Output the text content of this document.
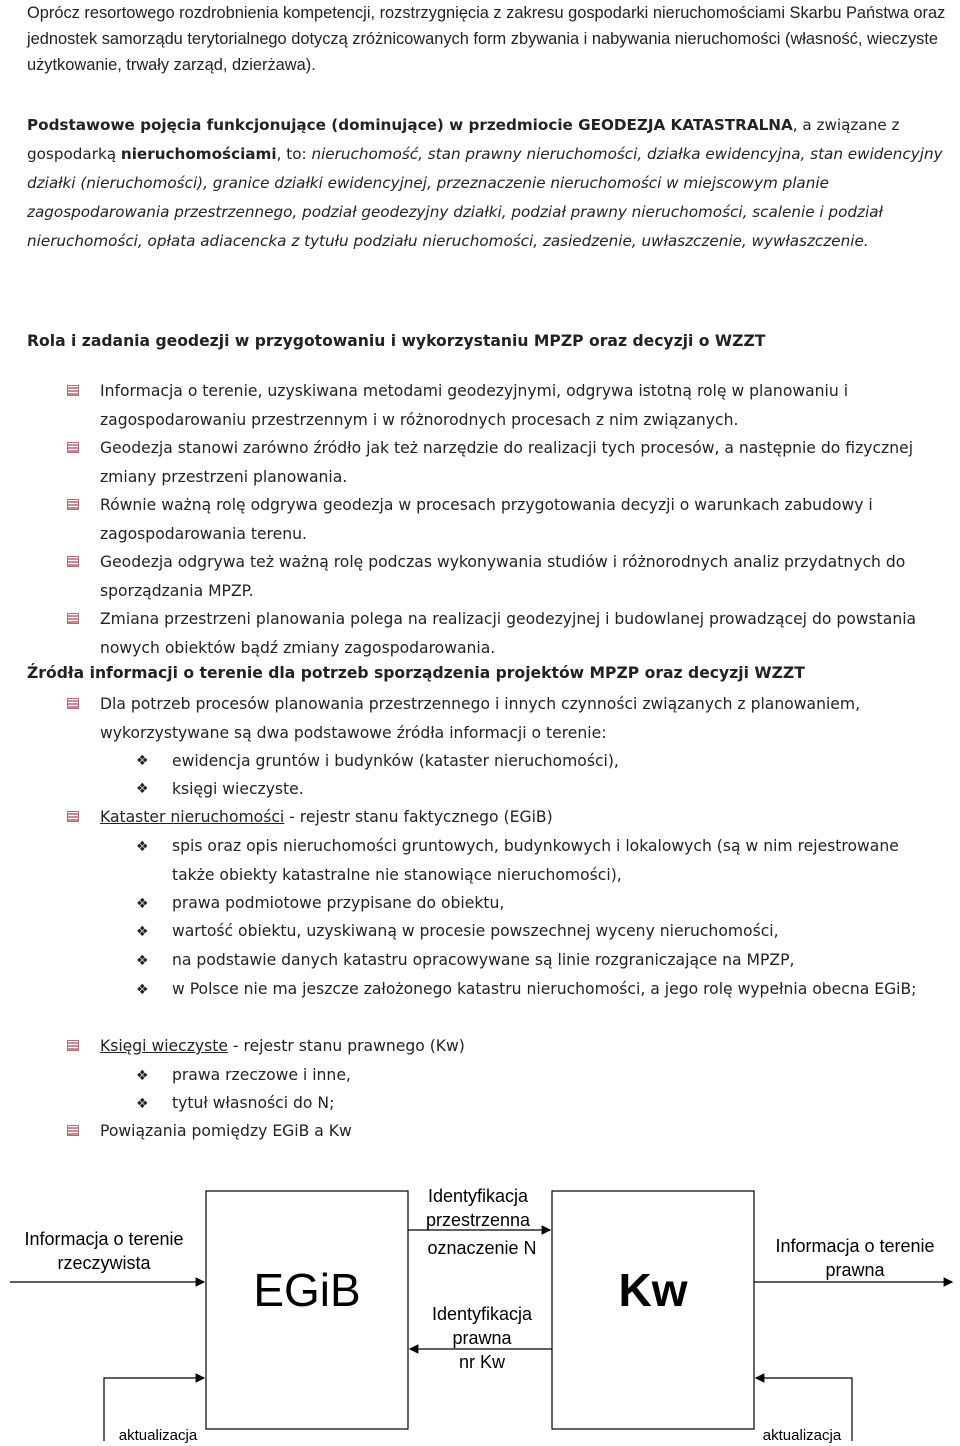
Oprócz resortowego rozdrobnienia kompetencji, rozstrzygnięcia z zakresu gospodarki nieruchomościami Skarbu Państwa oraz jednostek samorządu terytorialnego dotyczą zróżnicowanych form zbywania i nabywania nieruchomości (własność, wieczyste użytkowanie, trwały zarząd, dzierżawa).
Podstawowe pojęcia funkcjonujące (dominujące) w przedmiocie GEODEZJA KATASTRALNA, a związane z gospodarką nieruchomościami, to: nieruchomość, stan prawny nieruchomości, działka ewidencyjna, stan ewidencyjny działki (nieruchomości), granice działki ewidencyjnej, przeznaczenie nieruchomości w miejscowym planie zagospodarowania przestrzennego, podział geodezyjny działki, podział prawny nieruchomości, scalenie i podział nieruchomości, opłata adiacencka z tytułu podziału nieruchomości, zasiedzenie, uwłaszczenie, wywłaszczenie.
Rola i zadania geodezji w przygotowaniu i wykorzystaniu MPZP oraz decyzji o WZZT
Informacja o terenie, uzyskiwana metodami geodezyjnymi, odgrywa istotną rolę w planowaniu i zagospodarowaniu przestrzennym i w różnorodnych procesach z nim związanych.
Geodezja stanowi zarówno źródło jak też narzędzie do realizacji tych procesów, a następnie do fizycznej zmiany przestrzeni planowania.
Równie ważną rolę odgrywa geodezja w procesach przygotowania decyzji o warunkach zabudowy i zagospodarowania terenu.
Geodezja odgrywa też ważną rolę podczas wykonywania studiów i różnorodnych analiz przydatnych do sporządzania MPZP.
Zmiana przestrzeni planowania polega na realizacji geodezyjnej i budowlanej prowadzącej do powstania nowych obiektów bądź zmiany zagospodarowania.
Źródła informacji o terenie dla potrzeb sporządzenia projektów MPZP oraz decyzji WZZT
Dla potrzeb procesów planowania przestrzennego i innych czynności związanych z planowaniem, wykorzystywane są dwa podstawowe źródła informacji o terenie:
❖ ewidencja gruntów i budynków (kataster nieruchomości),
❖ księgi wieczyste.
Kataster nieruchomości - rejestr stanu faktycznego (EGiB)
❖ spis oraz opis nieruchomości gruntowych, budynkowych i lokalowych (są w nim rejestrowane także obiekty katastralne nie stanowiące nieruchomości),
❖ prawa podmiotowe przypisane do obiektu,
❖ wartość obiektu, uzyskiwaną w procesie powszechnej wyceny nieruchomości,
❖ na podstawie danych katastru opracowywane są linie rozgraniczające na MPZP,
❖ w Polsce nie ma jeszcze założonego katastru nieruchomości, a jego rolę wypełnia obecna EGiB;
Księgi wieczyste - rejestr stanu prawnego (Kw)
❖ prawa rzeczowe i inne,
❖ tytuł własności do N;
Powiązania pomiędzy EGiB a Kw
EGiB	Kw
Informacja o terenie
rzeczywista
Identyfikacja
przestrzenna
oznaczenie N
Identyfikacja
prawna
nr Kw
Informacja o terenie
prawna
aktualizacja	aktualizacja
